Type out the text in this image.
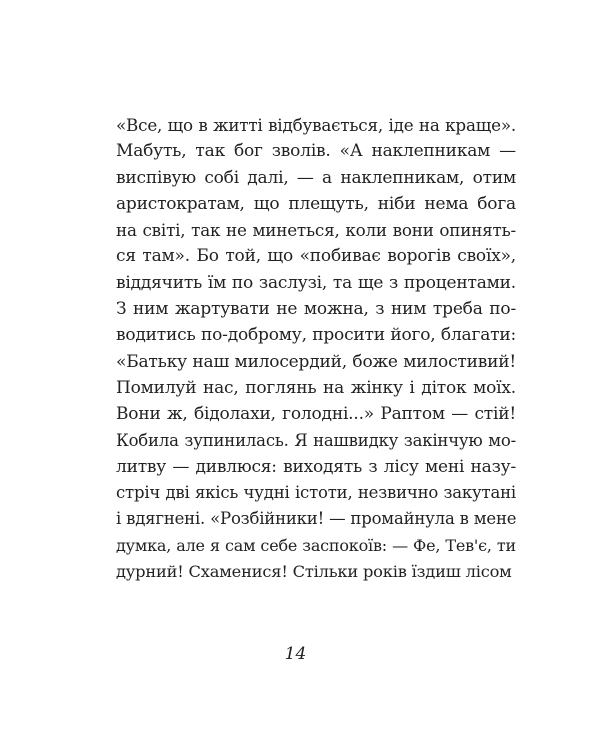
«Все, що в житті відбувається, іде на краще».
Мабуть, так бог зволів. «А наклепникам —
виспівую собі далі, — а наклепникам, отим
аристократам, що плещуть, ніби нема бога
на світі, так не минеться, коли вони опинять-
ся там». Бо той, що «побиває ворогів своїх»,
віддячить їм по заслузі, та ще з процентами.
З ним жартувати не можна, з ним треба по-
водитись по-доброму, просити його, благати:
«Батьку наш милосердий, боже милостивий!
Помилуй нас, поглянь на жінку і діток моїх.
Вони ж, бідолахи, голодні...» Раптом — стій!
Кобила зупинилась. Я нашвидку закінчую мо-
литву — дивлюся: виходять з лісу мені назу-
стріч дві якісь чудні істоти, незвично закутані
і вдягнені. «Розбійники! — промайнула в мене
думка, але я сам себе заспокоїв: — Фе, Тев'є, ти
дурний! Схаменися! Стільки років їздиш лісом
14
